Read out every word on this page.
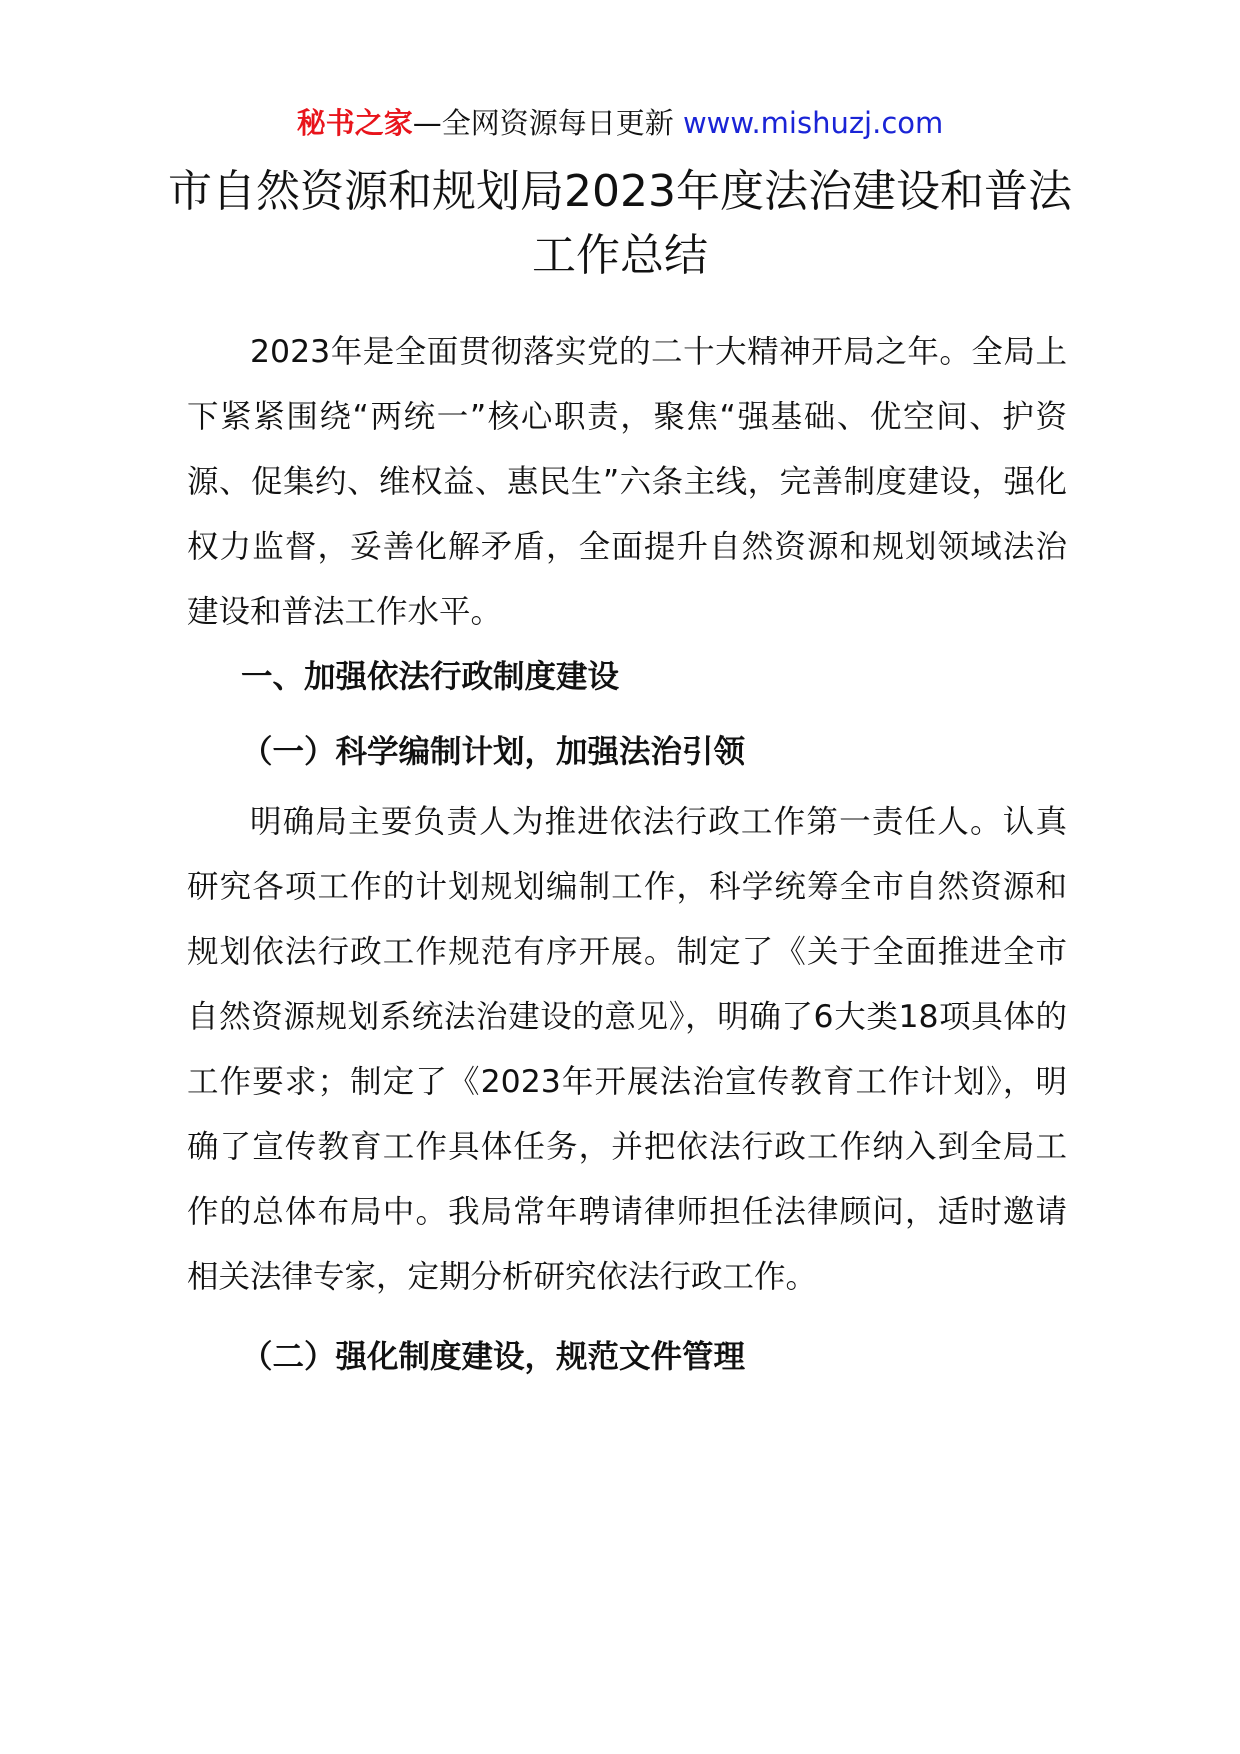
秘书之家—全网资源每日更新 www.mishuzj.com
市自然资源和规划局2023年度法治建设和普法工作总结

2023年是全面贯彻落实党的二十大精神开局之年。全局上下紧紧围绕“两统一”核心职责，聚焦“强基础、优空间、护资源、促集约、维权益、惠民生”六条主线，完善制度建设，强化权力监督，妥善化解矛盾，全面提升自然资源和规划领域法治建设和普法工作水平。

一、加强依法行政制度建设

（一）科学编制计划，加强法治引领

明确局主要负责人为推进依法行政工作第一责任人。认真研究各项工作的计划规划编制工作，科学统筹全市自然资源和规划依法行政工作规范有序开展。制定了《关于全面推进全市自然资源规划系统法治建设的意见》，明确了6大类18项具体的工作要求；制定了《2023年开展法治宣传教育工作计划》，明确了宣传教育工作具体任务，并把依法行政工作纳入到全局工作的总体布局中。我局常年聘请律师担任法律顾问，适时邀请相关法律专家，定期分析研究依法行政工作。

（二）强化制度建设，规范文件管理
